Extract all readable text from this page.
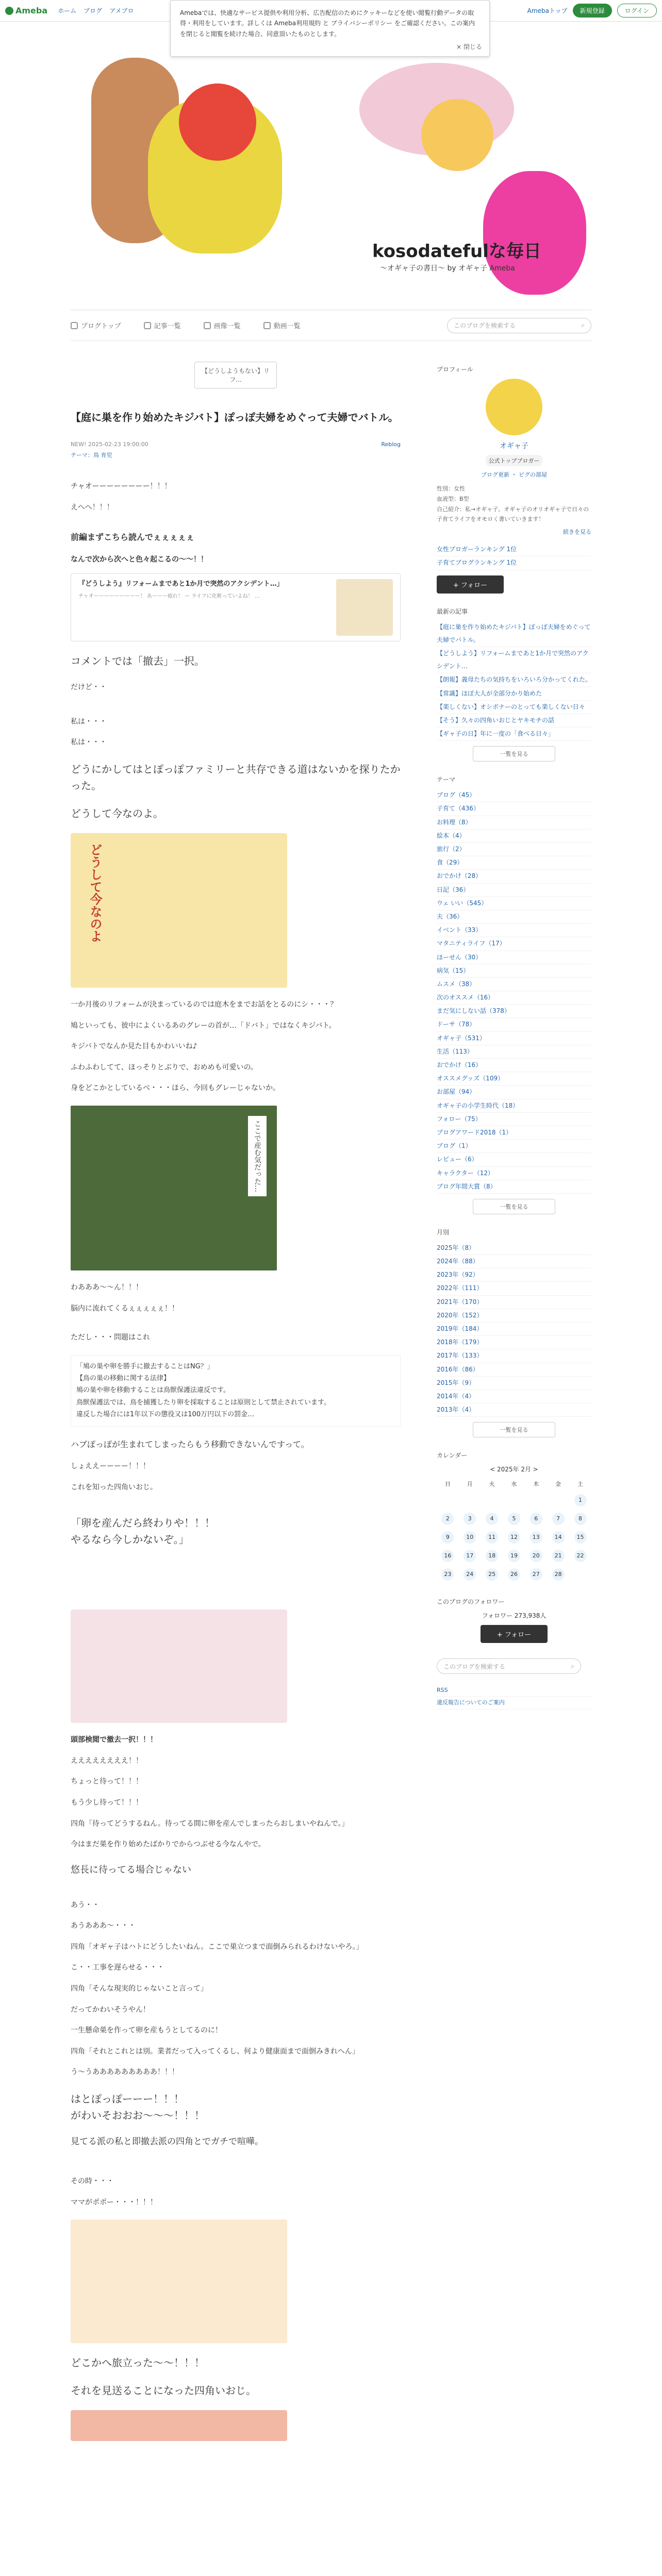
Ameba ホーム ブログ アメブロ	Amebaトップ	新規登録	ログイン
Amebaでは、快適なサービス提供や利用分析、広告配信のためにクッキーなどを使い閲覧行動データの取得・利用をしています。詳しくは Ameba利用規約 と プライバシーポリシー をご確認ください。この案内を閉じると閲覧を続けた場合、同意頂いたものとします。
× 閉じる
kosodatefulな毎日
〜オギャ子の書日〜 by オギャ子 Ameba
ブログトップ	記事一覧	画像一覧	動画一覧	このブログを検索する	⌕
【どうしようもない】リフ...
【庭に巣を作り始めたキジバト】ぽっぽ夫婦をめぐって夫婦でバトル。
NEW! 2025-02-23 19:00:00	Reblog
テーマ：鳥 育児

チャオーーーーーーーー！！！

えへへ！！！

前編まずこちら読んでぇぇぇぇぇ

なんで次から次へと色々起こるの〜〜！！

『どうしよう』リフォームまであと1か月で突然のアクシデント…」
チャオーーーーーーーーー！ あーーー疲れ！ ー ライフに化粧っていよね！ …

コメントでは「撤去」一択。

だけど・・

私は・・・

私は・・・

どうにかしてはとぽっぽファミリーと共存できる道はないかを探りたかった。

どうして今なのよ。

どうして今なのよ

一か月後のリフォームが決まっているのでは庭木をまでお話をとるのにシ・・・？

鳩といっても、彼中によくいるあのグレーの首が…「ドバト」ではなくキジバト。

キジバトでなんか見た目もかわいいね♪

ふわふわしてて、ほっそりとぶりで、おめめも可愛いの。

身をどこかとしているべ・・・ほら、今回もグレーじゃないか。

ここで産む気だった…

わあああ〜〜ん！！！

脳内に流れてくるぇぇぇぇぇ！！

ただし・・・問題はこれ

「鳩の巣や卵を勝手に撤去することはNG？」
【鳥の巣の移動に関する法律】
鳩の巣や卵を移動することは鳥獣保護法違反です。
鳥獣保護法では、鳥を捕獲したり卵を採取することは原則として禁止されています。
違反した場合には1年以下の懲役又は100万円以下の罰金…

ハブぽっぽが生まれてしまったらもう移動できないんですって。

しょええーーーー！！！

これを知った四角いおじ。

「卵を産んだら終わりや！！！
やるなら今しかないぞ。」

頭部検閲で撤去一択！！！

ええええええええ！！

ちょっと待って！！！

もう少し待って！！！

四角「待ってどうするねん。待ってる間に卵を産んでしまったらおしまいやねんで。」

今はまだ巣を作り始めたばかりでからつぶせる今なんやで。

悠長に待ってる場合じゃない

あう・・

あうあああ〜・・・

四角「オギャ子はハトにどうしたいねん。ここで巣立つまで面倒みられるわけないやろ。」

こ・・工事を遅らせる・・・

四角「そんな現実的じゃないこと言って」

だってかわいそうやん！

一生懸命巣を作って卵を産もうとしてるのに！

四角「それとこれとは別。業者だって入ってくるし、何より健康面まで面倒みきれへん」

う〜うあああああああああ！！！

はとぽっぽーーー！！！

がわいそおおお〜〜〜！！！

見てる派の私と即撤去派の四角とでガチで喧嘩。

その時・・・

ママがポポー・・・！！！

どこかへ旅立った〜〜！！！

それを見送ることになった四角いおじ。

プロフィール
オギャ子
公式トップブロガー
ブログ更新 ・ ピグの部屋
性別：女性
血液型：B型
自己紹介：私→オギャ子。オギャ子のオリオギャ子で日々の子育てライフをオモロく書いていきます！
続きを見る
女性ブロガーランキング 1位
子育てブログランキング 1位
+ フォロー
最新の記事
【庭に巣を作り始めたキジバト】ぽっぽ夫婦をめぐって夫婦でバトル。
【どうしよう】リフォームまであと1か月で突然のアクシデント…
【朗報】義母たちの気持ちをいろいろ分かってくれた。
【常識】ほぼ大人が全部分かり始めた
【楽しくない】オシボナーのとっても楽しくない日々
【そう】久々の四角いおじとヤキモチの話
【ギャ子の日】年に一度の「食べる日々」
一覧を見る
テーマ
ブログ（45）
子育て（436）
お料理（8）
絵本（4）
旅行（2）
食（29）
おでかけ（28）
日記（36）
ウェ いい（545）
夫（36）
イベント（33）
マタニティライフ（17）
ほーせん（30）
病気（15）
ムスメ（38）
次のオススメ（16）
まだ気にしない話（378）
ドーサ（78）
オギャ子（531）
生活（113）
おでかけ（16）
オススメグッズ（109）
お部屋（94）
オギャ子の小学生時代（18）
フォロー（75）
ブログアワード2018（1）
ブログ（1）
レビュー（6）
キャラクター（12）
ブログ年間大賞（8）
一覧を見る
月別
2025年（8）
2024年（88）
2023年（92）
2022年（111）
2021年（170）
2020年（152）
2019年（184）
2018年（179）
2017年（133）
2016年（86）
2015年（9）
2014年（4）
2013年（4）
一覧を見る
カレンダー
< 2025年 2月 >
日	月	火	水	木	金	土
						1
2	3	4	5	6	7	8
9	10	11	12	13	14	15
16	17	18	19	20	21	22
23	24	25	26	27	28	
このブログのフォロワー
フォロワー 273,938人
+ フォロー
このブログを検索する	⌕
RSS
違反報告についてのご案内
